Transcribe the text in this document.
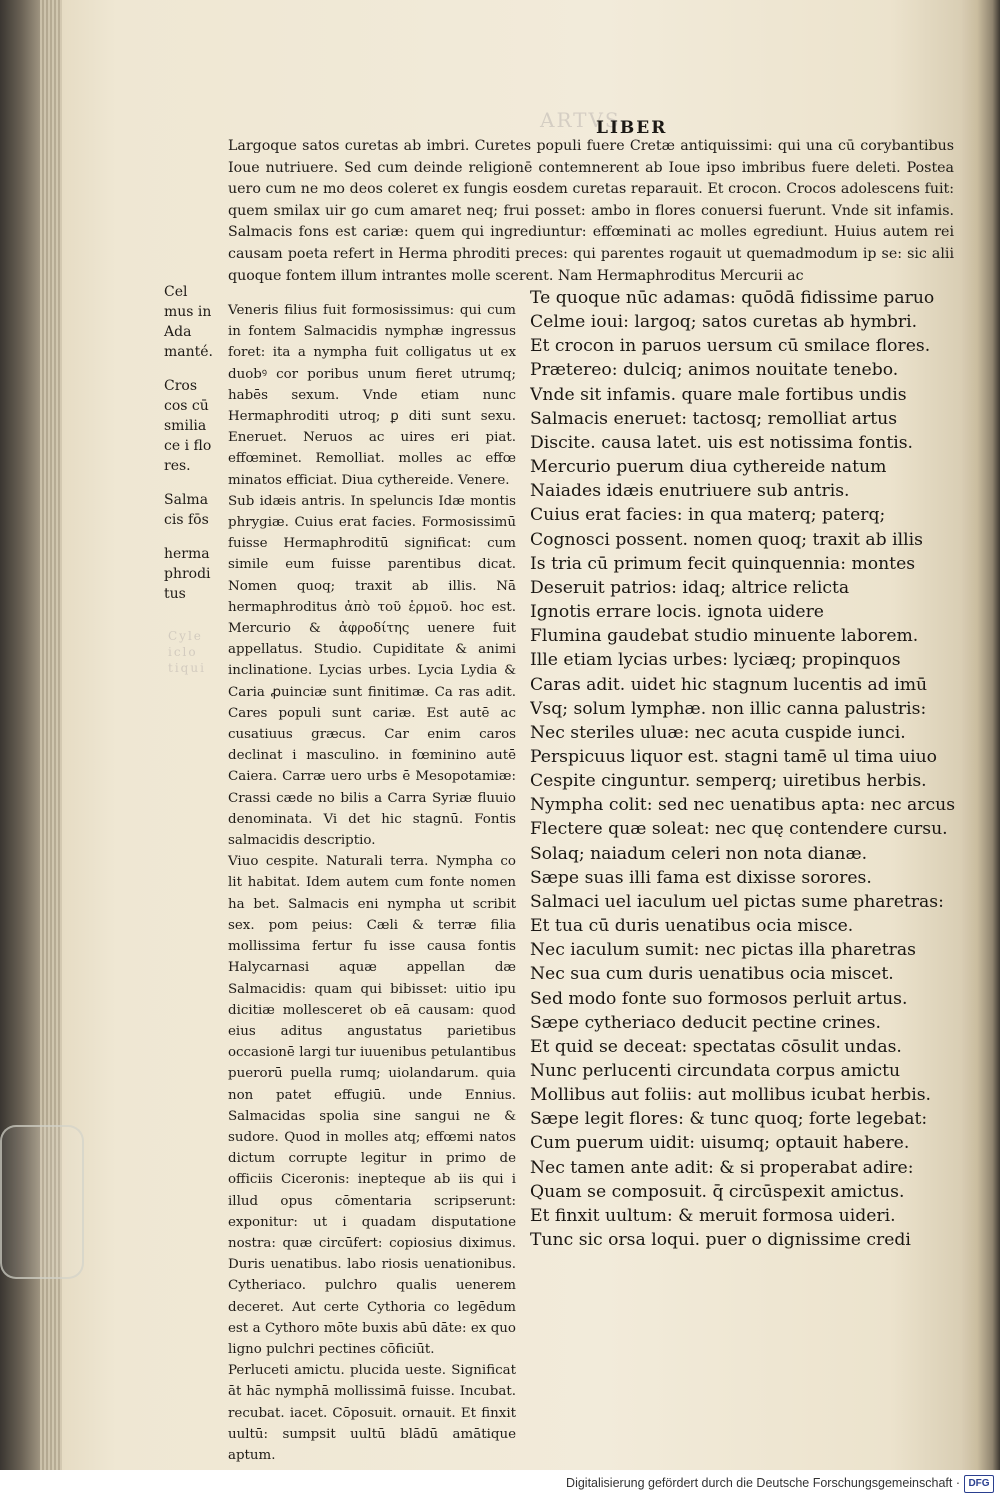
ARTVS
Cyle
iclo
tiqui
LIBER

Largoque satos curetas ab imbri. Curetes populi fuere Cretæ antiquissimi: qui una cū corybantibus Ioue nutriuere. Sed cum deinde religionē contemnerent ab Ioue ipso imbribus fuere deleti. Postea uero cum ne mo deos coleret ex fungis eosdem curetas reparauit. Et crocon. Crocos adolescens fuit: quem smilax uir go cum amaret neq; frui posset: ambo in flores conuersi fuerunt. Vnde sit infamis. Salmacis fons est cariæ: quem qui ingrediuntur: effœminati ac molles egrediunt. Huius autem rei causam poeta refert in Herma phroditi preces: qui parentes rogauit ut quemadmodum ip se: sic alii quoque fontem illum intrantes molle scerent. Nam Hermaphroditus Mercurii ac

Cel mus in Ada manté.

Cros cos cū smilia ce i flo res.

Salma cis fōs

herma phrodi tus

Veneris filius fuit formosissimus: qui cum in fontem Salmacidis nymphæ ingressus foret: ita a nympha fuit colligatus ut ex duobꝰ cor poribus unum fieret utrumq; habēs sexum. Vnde etiam nunc Hermaphroditi utroq; ꝑ diti sunt sexu. Eneruet. Neruos ac uires eri piat. effœminet. Remolliat. molles ac effœ minatos efficiat. Diua cythereide. Venere.

Sub idæis antris. In speluncis Idæ montis phrygiæ. Cuius erat facies. Formosissimū fuisse Hermaphroditū significat: cum simile eum fuisse parentibus dicat. Nomen quoq; traxit ab illis. Nā hermaphroditus ἀπὸ τοῦ ἑρμοῦ. hoc est. Mercurio & ἀφροδίτης uenere fuit appellatus. Studio. Cupiditate & animi inclinatione. Lycias urbes. Lycia Lydia & Caria ꝓuinciæ sunt finitimæ. Ca ras adit. Cares populi sunt cariæ. Est autē ac cusatiuus græcus. Car enim caros declinat i masculino. in fœminino autē Caiera. Carræ uero urbs ē Mesopotamiæ: Crassi cæde no bilis a Carra Syriæ fluuio denominata. Vi det hic stagnū. Fontis salmacidis descriptio.

Viuo cespite. Naturali terra. Nympha co lit habitat. Idem autem cum fonte nomen ha bet. Salmacis eni nympha ut scribit sex. pom peius: Cæli & terræ filia mollissima fertur fu isse causa fontis Halycarnasi aquæ appellan dæ Salmacidis: quam qui bibisset: uitio ipu dicitiæ mollesceret ob eā causam: quod eius aditus angustatus parietibus occasionē largi tur iuuenibus petulantibus puerorū puella rumq; uiolandarum. quia non patet effugiū. unde Ennius. Salmacidas spolia sine sangui ne & sudore. Quod in molles atq; effœmi natos dictum corrupte legitur in primo de officiis Ciceronis: inepteque ab iis qui i illud opus cōmentaria scripserunt: exponitur: ut i quadam disputatione nostra: quæ circūfert: copiosius diximus. Duris uenatibus. labo riosis uenationibus. Cytheriaco. pulchro qualis uenerem deceret. Aut certe Cythoria co legēdum est a Cythoro mōte buxis abū dāte: ex quo ligno pulchri pectines cōficiūt.

Perluceti amictu. plucida ueste. Significat āt hāc nymphā mollissimā fuisse. Incubat. recubat. iacet. Cōposuit. ornauit. Et finxit uultū: sumpsit uultū blādū amātique aptum.

Te quoque nūc adamas: quōdā fidissime paruo
Celme ioui: largoq; satos curetas ab hymbri.
Et crocon in paruos uersum cū smilace flores.
Prætereo: dulciq; animos nouitate tenebo.
Vnde sit infamis. quare male fortibus undis
Salmacis eneruet: tactosq; remolliat artus
Discite. causa latet. uis est notissima fontis.
Mercurio puerum diua cythereide natum
Naiades idæis enutriuere sub antris.
Cuius erat facies: in qua materq; paterq;
Cognosci possent. nomen quoq; traxit ab illis
Is tria cū primum fecit quinquennia: montes
Deseruit patrios: idaq; altrice relicta
Ignotis errare locis. ignota uidere
Flumina gaudebat studio minuente laborem.
Ille etiam lycias urbes: lyciæq; propinquos
Caras adit. uidet hic stagnum lucentis ad imū
Vsq; solum lymphæ. non illic canna palustris:
Nec steriles uluæ: nec acuta cuspide iunci.
Perspicuus liquor est. stagni tamē ul tima uiuo
Cespite cinguntur. semperq; uiretibus herbis.
Nympha colit: sed nec uenatibus apta: nec arcus
Flectere quæ soleat: nec quę contendere cursu.
Solaq; naiadum celeri non nota dianæ.
Sæpe suas illi fama est dixisse sorores.
Salmaci uel iaculum uel pictas sume pharetras:
Et tua cū duris uenatibus ocia misce.
Nec iaculum sumit: nec pictas illa pharetras
Nec sua cum duris uenatibus ocia miscet.
Sed modo fonte suo formosos perluit artus.
Sæpe cytheriaco deducit pectine crines.
Et quid se deceat: spectatas cōsulit undas.
Nunc perlucenti circundata corpus amictu
Mollibus aut foliis: aut mollibus icubat herbis.
Sæpe legit flores: & tunc quoq; forte legebat:
Cum puerum uidit: uisumq; optauit habere.
Nec tamen ante adit: & si properabat adire:
Quam se composuit. q̄ circūspexit amictus.
Et finxit uultum: & meruit formosa uideri.
Tunc sic orsa loqui. puer o dignissime credi
Digitalisierung gefördert durch die Deutsche Forschungsgemeinschaft · DFG
